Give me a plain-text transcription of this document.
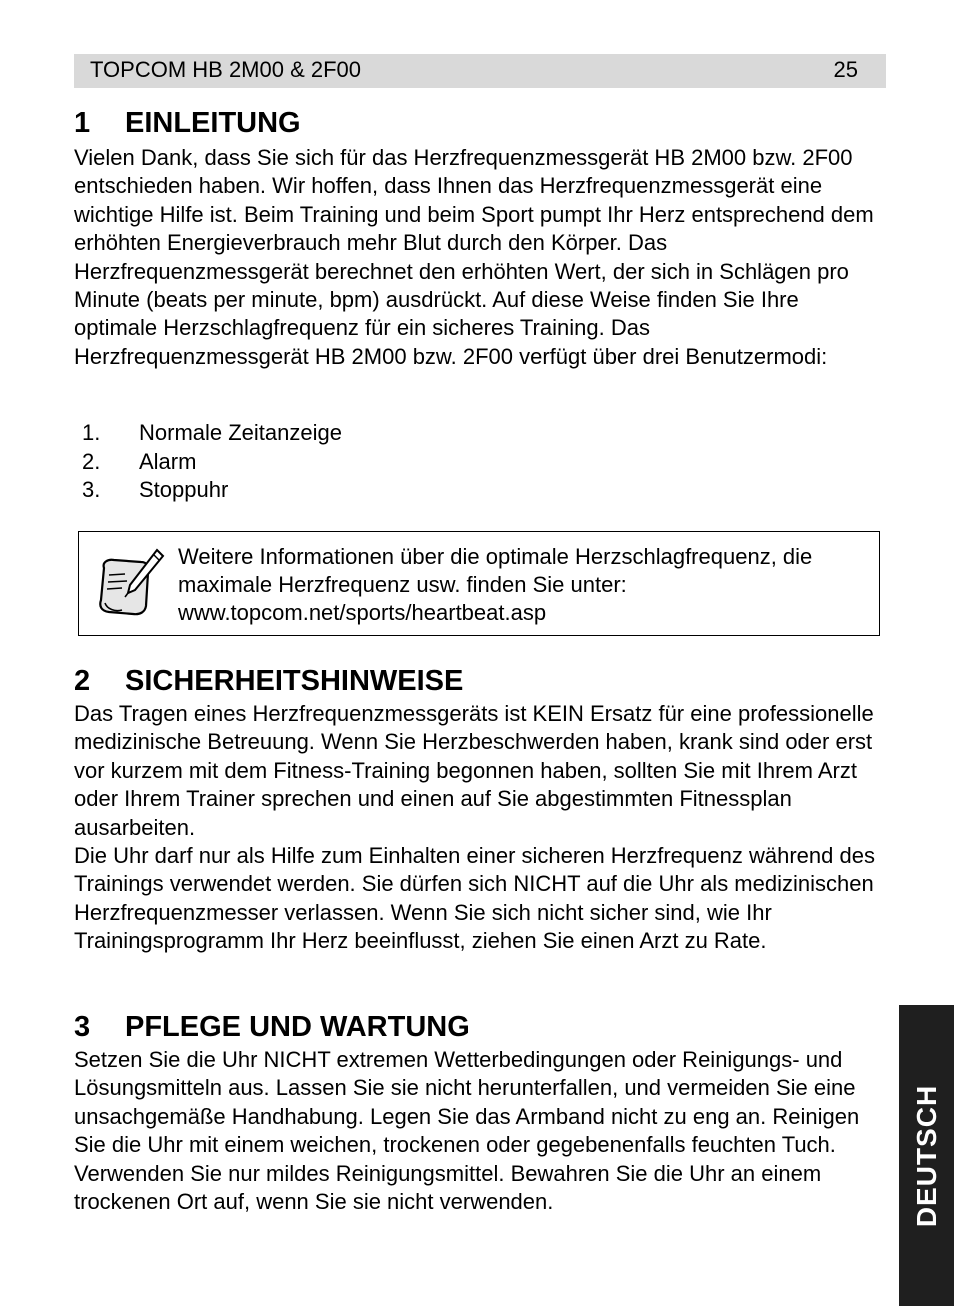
TOPCOM HB 2M00 & 2F00	25
1 EINLEITUNG

Vielen Dank, dass Sie sich für das Herzfrequenzmessgerät HB 2M00 bzw. 2F00 entschieden haben. Wir hoffen, dass Ihnen das Herzfrequenzmessgerät eine wichtige Hilfe ist. Beim Training und beim Sport pumpt Ihr Herz entsprechend dem erhöhten Energieverbrauch mehr Blut durch den Körper. Das Herzfrequenzmessgerät berechnet den erhöhten Wert, der sich in Schlägen pro Minute (beats per minute, bpm) ausdrückt. Auf diese Weise finden Sie Ihre optimale Herzschlagfrequenz für ein sicheres Training. Das Herzfrequenzmessgerät HB 2M00 bzw. 2F00 verfügt über drei Benutzermodi:

1. Normale Zeitanzeige
2. Alarm
3. Stoppuhr

Weitere Informationen über die optimale Herzschlagfrequenz, die maximale Herzfrequenz usw. finden Sie unter: www.topcom.net/sports/heartbeat.asp

2 SICHERHEITSHINWEISE

Das Tragen eines Herzfrequenzmessgeräts ist KEIN Ersatz für eine professionelle medizinische Betreuung. Wenn Sie Herzbeschwerden haben, krank sind oder erst vor kurzem mit dem Fitness-Training begonnen haben, sollten Sie mit Ihrem Arzt oder Ihrem Trainer sprechen und einen auf Sie abgestimmten Fitnessplan ausarbeiten.

Die Uhr darf nur als Hilfe zum Einhalten einer sicheren Herzfrequenz während des Trainings verwendet werden. Sie dürfen sich NICHT auf die Uhr als medizinischen Herzfrequenzmesser verlassen. Wenn Sie sich nicht sicher sind, wie Ihr Trainingsprogramm Ihr Herz beeinflusst, ziehen Sie einen Arzt zu Rate.

3 PFLEGE UND WARTUNG

Setzen Sie die Uhr NICHT extremen Wetterbedingungen oder Reinigungs- und Lösungsmitteln aus. Lassen Sie sie nicht herunterfallen, und vermeiden Sie eine unsachgemäße Handhabung. Legen Sie das Armband nicht zu eng an. Reinigen Sie die Uhr mit einem weichen, trockenen oder gegebenenfalls feuchten Tuch. Verwenden Sie nur mildes Reinigungsmittel. Bewahren Sie die Uhr an einem trockenen Ort auf, wenn Sie sie nicht verwenden.	DEUTSCH
